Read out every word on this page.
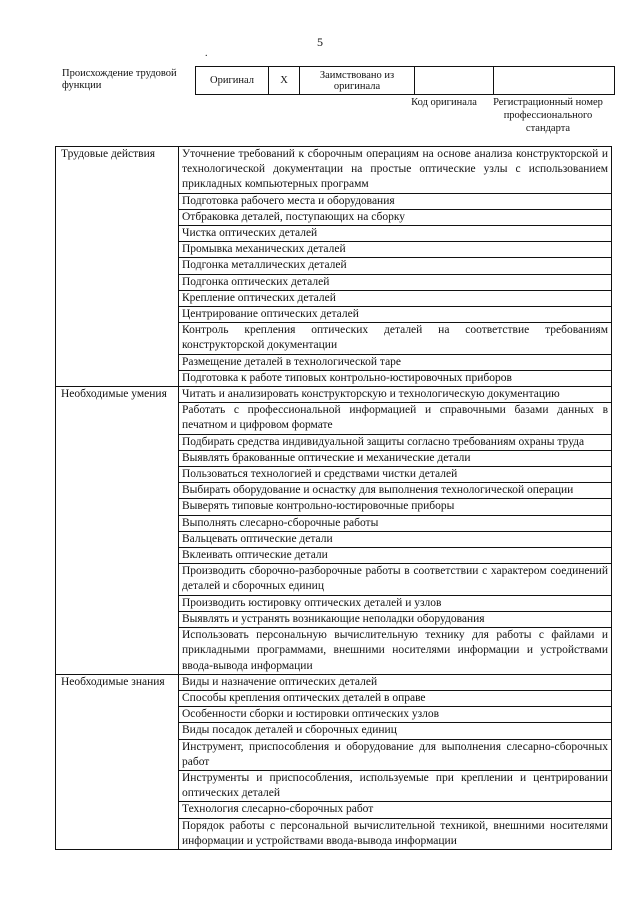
5
.
Происхождение трудовой функции	Оригинал	X	Заимствовано из оригинала		
Код оригинала	Регистрационный номер профессионального стандарта
Трудовые действия	Уточнение требований к сборочным операциям на основе анализа конструкторской и технологической документации на простые оптические узлы с использованием прикладных компьютерных программ
	Подготовка рабочего места и оборудования
	Отбраковка деталей, поступающих на сборку
	Чистка оптических деталей
	Промывка механических деталей
	Подгонка металлических деталей
	Подгонка оптических деталей
	Крепление оптических деталей
	Центрирование оптических деталей
	Контроль крепления оптических деталей на соответствие требованиям конструкторской документации
	Размещение деталей в технологической таре
	Подготовка к работе типовых контрольно-юстировочных приборов
Необходимые умения	Читать и анализировать конструкторскую и технологическую документацию
	Работать с профессиональной информацией и справочными базами данных в печатном и цифровом формате
	Подбирать средства индивидуальной защиты согласно требованиям охраны труда
	Выявлять бракованные оптические и механические детали
	Пользоваться технологией и средствами чистки деталей
	Выбирать оборудование и оснастку для выполнения технологической операции
	Выверять типовые контрольно-юстировочные приборы
	Выполнять слесарно-сборочные работы
	Вальцевать оптические детали
	Вклеивать оптические детали
	Производить сборочно-разборочные работы в соответствии с характером соединений деталей и сборочных единиц
	Производить юстировку оптических деталей и узлов
	Выявлять и устранять возникающие неполадки оборудования
	Использовать персональную вычислительную технику для работы с файлами и прикладными программами, внешними носителями информации и устройствами ввода-вывода информации
Необходимые знания	Виды и назначение оптических деталей
	Способы крепления оптических деталей в оправе
	Особенности сборки и юстировки оптических узлов
	Виды посадок деталей и сборочных единиц
	Инструмент, приспособления и оборудование для выполнения слесарно-сборочных работ
	Инструменты и приспособления, используемые при креплении и центрировании оптических деталей
	Технология слесарно-сборочных работ
	Порядок работы с персональной вычислительной техникой, внешними носителями информации и устройствами ввода-вывода информации
